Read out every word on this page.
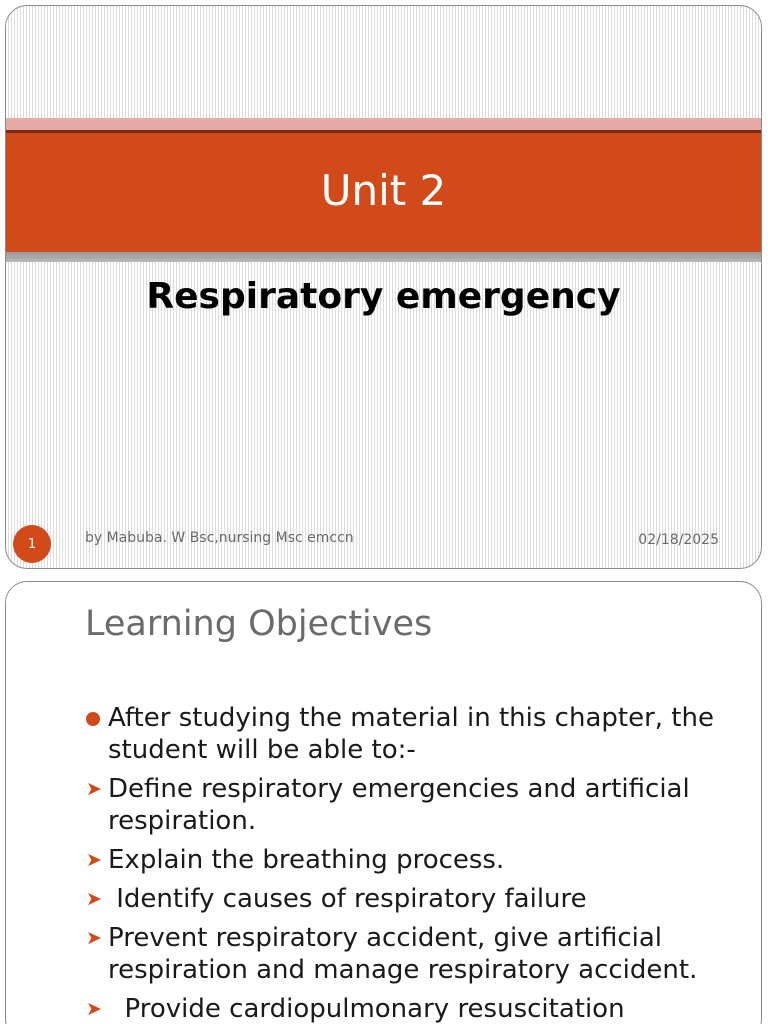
Unit 2
Respiratory emergency
1	by Mabuba. W Bsc,nursing Msc emccn	02/18/2025
Learning Objectives
After studying the material in this chapter, the student will be able to:-
➤ Define respiratory emergencies and artificial respiration.
➤ Explain the breathing process.
➤ Identify causes of respiratory failure
➤ Prevent respiratory accident, give artificial respiration and manage respiratory accident.
➤ Provide cardiopulmonary resuscitation
